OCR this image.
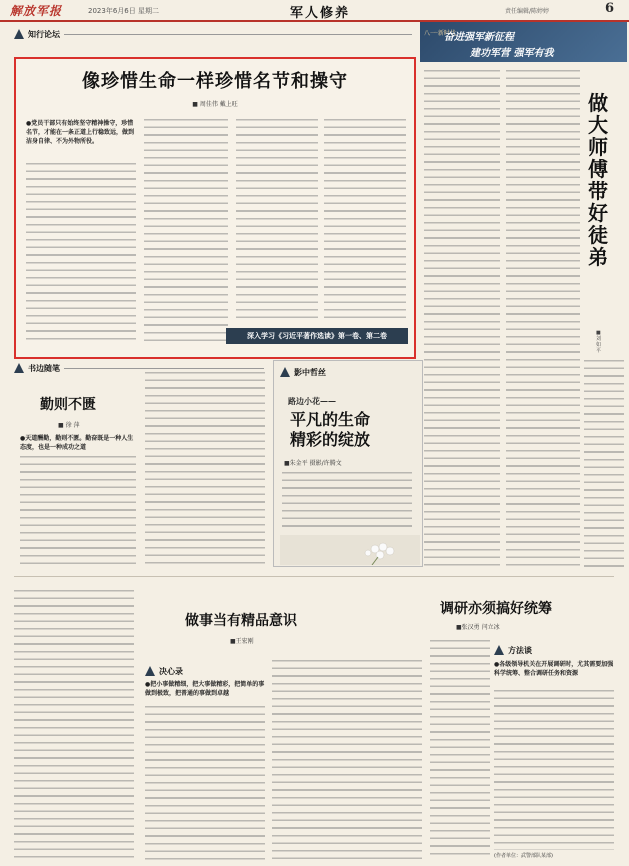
解放军报	2023年6月6日 星期二	军人修养	责任编辑/陈婷婷	6
知行论坛
像珍惜生命一样珍惜名节和操守
■ 周佳伟 戴上旺
●党员干部只有始终坚守精神操守，珍惜名节，才能在一条正道上行稳致远，做到洁身自律、不为外物所役。
深入学习《习近平著作选读》第一卷、第二卷
八一·新时代
奋进强军新征程
建功军营 强军有我
做大师傅 带好徒弟
■刘如平
书边随笔
勤则不匮
■ 徐 萍
●天道酬勤，勤则不匮。勤奋既是一种人生态度，也是一种成功之道
影中哲丝
路边小花——
平凡的生命
精彩的绽放
■朱金平 摄影/许腾文
做事当有精品意识
■王宏刚
决心录
●把小事做精细，把大事做精彩，把简单的事做到极致，把普通的事做到卓越
调研亦须搞好统筹
■张汉勇 闫立冰
方法谈
●各级领导机关在开展调研时，尤其需要加强科学统筹、整合调研任务和资源
(作者单位：武警部队某部)
